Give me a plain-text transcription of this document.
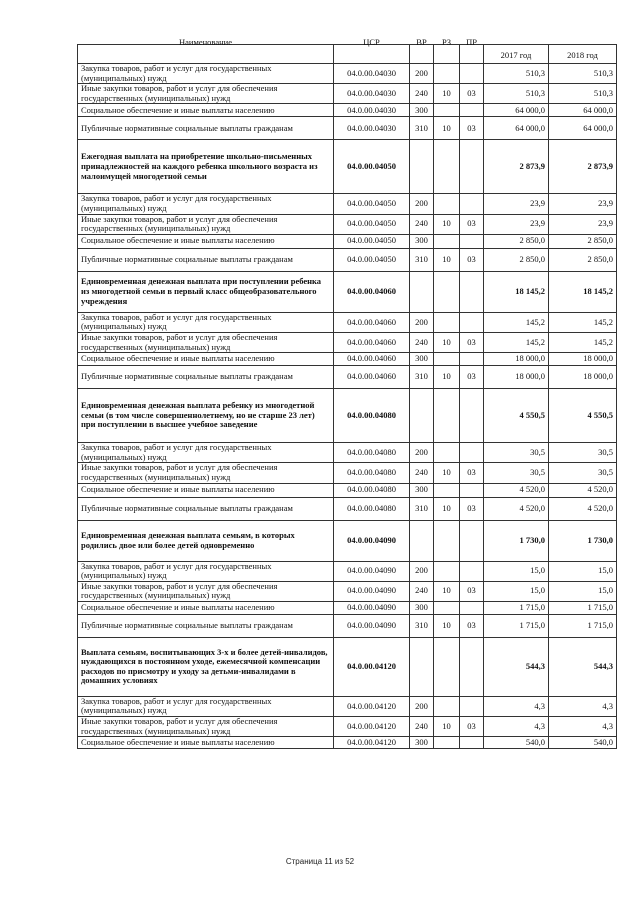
Наименование	ЦСР	ВР	РЗ	ПР	2017 год	2018 год
Закупка товаров, работ и услуг для государственных (муниципальных) нужд	04.0.00.04030	200			510,3	510,3
Иные закупки товаров, работ и услуг для обеспечения государственных (муниципальных) нужд	04.0.00.04030	240	10	03	510,3	510,3
Социальное обеспечение и иные выплаты населению	04.0.00.04030	300			64 000,0	64 000,0
Публичные нормативные социальные выплаты гражданам	04.0.00.04030	310	10	03	64 000,0	64 000,0
Ежегодная выплата на приобретение школьно-письменных принадлежностей на каждого ребенка школьного возраста из малоимущей многодетной семьи	04.0.00.04050				2 873,9	2 873,9
Закупка товаров, работ и услуг для государственных (муниципальных) нужд	04.0.00.04050	200			23,9	23,9
Иные закупки товаров, работ и услуг для обеспечения государственных (муниципальных) нужд	04.0.00.04050	240	10	03	23,9	23,9
Социальное обеспечение и иные выплаты населению	04.0.00.04050	300			2 850,0	2 850,0
Публичные нормативные социальные выплаты гражданам	04.0.00.04050	310	10	03	2 850,0	2 850,0
Единовременная денежная выплата при поступлении ребенка из многодетной семьи в первый класс общеобразовательного учреждения	04.0.00.04060				18 145,2	18 145,2
Закупка товаров, работ и услуг для государственных (муниципальных) нужд	04.0.00.04060	200			145,2	145,2
Иные закупки товаров, работ и услуг для обеспечения государственных (муниципальных) нужд	04.0.00.04060	240	10	03	145,2	145,2
Социальное обеспечение и иные выплаты населению	04.0.00.04060	300			18 000,0	18 000,0
Публичные нормативные социальные выплаты гражданам	04.0.00.04060	310	10	03	18 000,0	18 000,0
Единовременная денежная выплата ребенку из многодетной семьи (в том числе совершеннолетнему, но не старше 23 лет) при поступлении в высшее учебное заведение	04.0.00.04080				4 550,5	4 550,5
Закупка товаров, работ и услуг для государственных (муниципальных) нужд	04.0.00.04080	200			30,5	30,5
Иные закупки товаров, работ и услуг для обеспечения государственных (муниципальных) нужд	04.0.00.04080	240	10	03	30,5	30,5
Социальное обеспечение и иные выплаты населению	04.0.00.04080	300			4 520,0	4 520,0
Публичные нормативные социальные выплаты гражданам	04.0.00.04080	310	10	03	4 520,0	4 520,0
Единовременная денежная выплата семьям, в которых родились двое или более детей одновременно	04.0.00.04090				1 730,0	1 730,0
Закупка товаров, работ и услуг для государственных (муниципальных) нужд	04.0.00.04090	200			15,0	15,0
Иные закупки товаров, работ и услуг для обеспечения государственных (муниципальных) нужд	04.0.00.04090	240	10	03	15,0	15,0
Социальное обеспечение и иные выплаты населению	04.0.00.04090	300			1 715,0	1 715,0
Публичные нормативные социальные выплаты гражданам	04.0.00.04090	310	10	03	1 715,0	1 715,0
Выплата семьям, воспитывающих 3-х и более детей-инвалидов, нуждающихся в постоянном уходе, ежемесячной компенсации расходов по присмотру и уходу за детьми-инвалидами в домашних условиях	04.0.00.04120				544,3	544,3
Закупка товаров, работ и услуг для государственных (муниципальных) нужд	04.0.00.04120	200			4,3	4,3
Иные закупки товаров, работ и услуг для обеспечения государственных (муниципальных) нужд	04.0.00.04120	240	10	03	4,3	4,3
Социальное обеспечение и иные выплаты населению	04.0.00.04120	300			540,0	540,0
Страница 11 из 52
